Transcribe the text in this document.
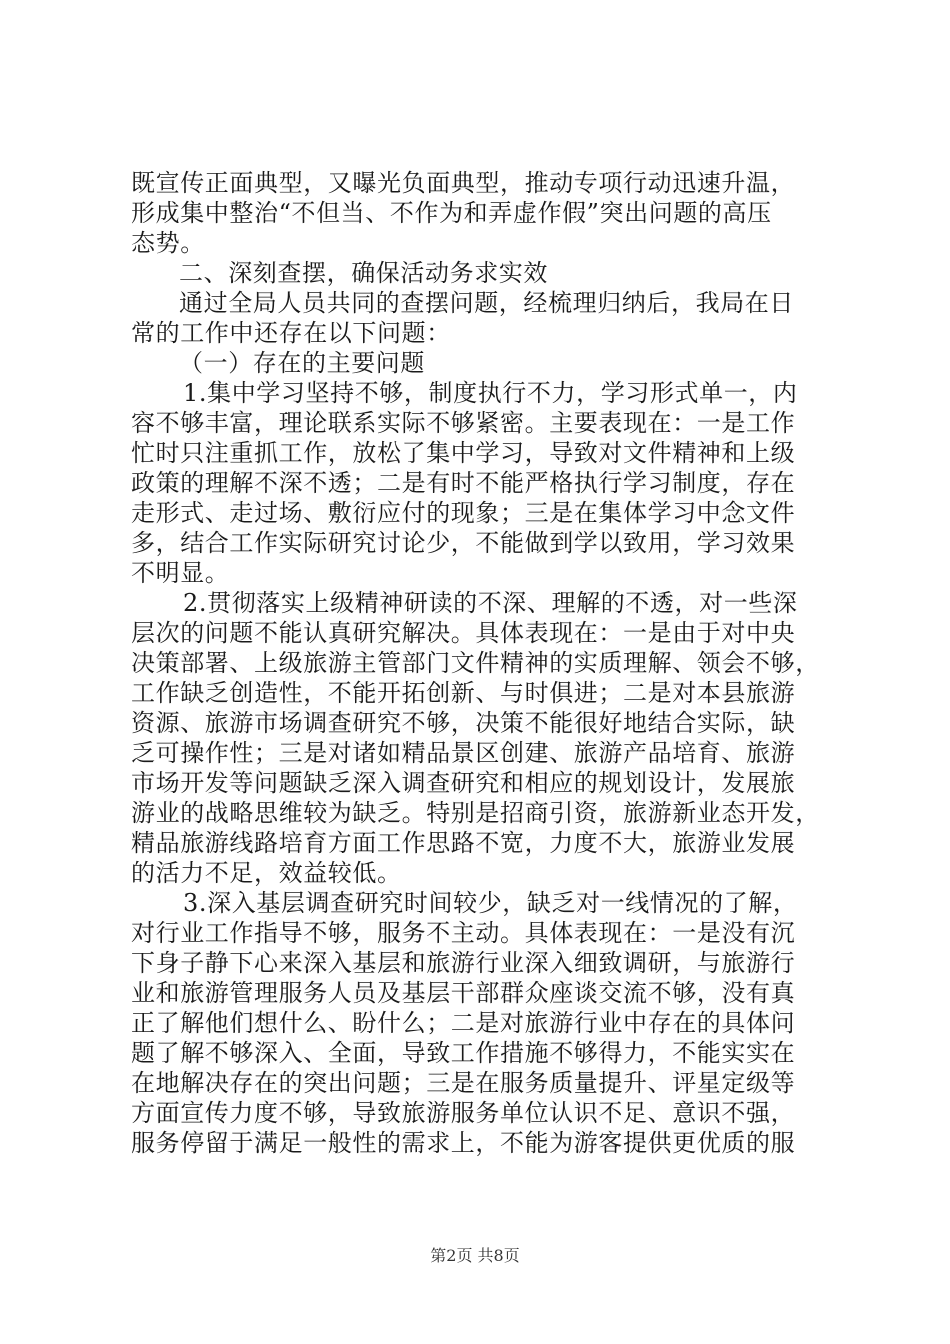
既宣传正面典型，又曝光负面典型，推动专项行动迅速升温，
形成集中整治“不但当、不作为和弄虚作假”突出问题的高压
态势。
二、深刻查摆，确保活动务求实效
通过全局人员共同的查摆问题，经梳理归纳后，我局在日
常的工作中还存在以下问题：
（一）存在的主要问题
1.集中学习坚持不够，制度执行不力，学习形式单一，内
容不够丰富，理论联系实际不够紧密。主要表现在：一是工作
忙时只注重抓工作，放松了集中学习，导致对文件精神和上级
政策的理解不深不透；二是有时不能严格执行学习制度，存在
走形式、走过场、敷衍应付的现象；三是在集体学习中念文件
多，结合工作实际研究讨论少，不能做到学以致用，学习效果
不明显。
2.贯彻落实上级精神研读的不深、理解的不透，对一些深
层次的问题不能认真研究解决。具体表现在：一是由于对中央
决策部署、上级旅游主管部门文件精神的实质理解、领会不够，
工作缺乏创造性，不能开拓创新、与时俱进；二是对本县旅游
资源、旅游市场调查研究不够，决策不能很好地结合实际，缺
乏可操作性；三是对诸如精品景区创建、旅游产品培育、旅游
市场开发等问题缺乏深入调查研究和相应的规划设计，发展旅
游业的战略思维较为缺乏。特别是招商引资，旅游新业态开发，
精品旅游线路培育方面工作思路不宽，力度不大，旅游业发展
的活力不足，效益较低。
3.深入基层调查研究时间较少，缺乏对一线情况的了解，
对行业工作指导不够，服务不主动。具体表现在：一是没有沉
下身子静下心来深入基层和旅游行业深入细致调研，与旅游行
业和旅游管理服务人员及基层干部群众座谈交流不够，没有真
正了解他们想什么、盼什么；二是对旅游行业中存在的具体问
题了解不够深入、全面，导致工作措施不够得力，不能实实在
在地解决存在的突出问题；三是在服务质量提升、评星定级等
方面宣传力度不够，导致旅游服务单位认识不足、意识不强，
服务停留于满足一般性的需求上，不能为游客提供更优质的服
第2页 共8页
